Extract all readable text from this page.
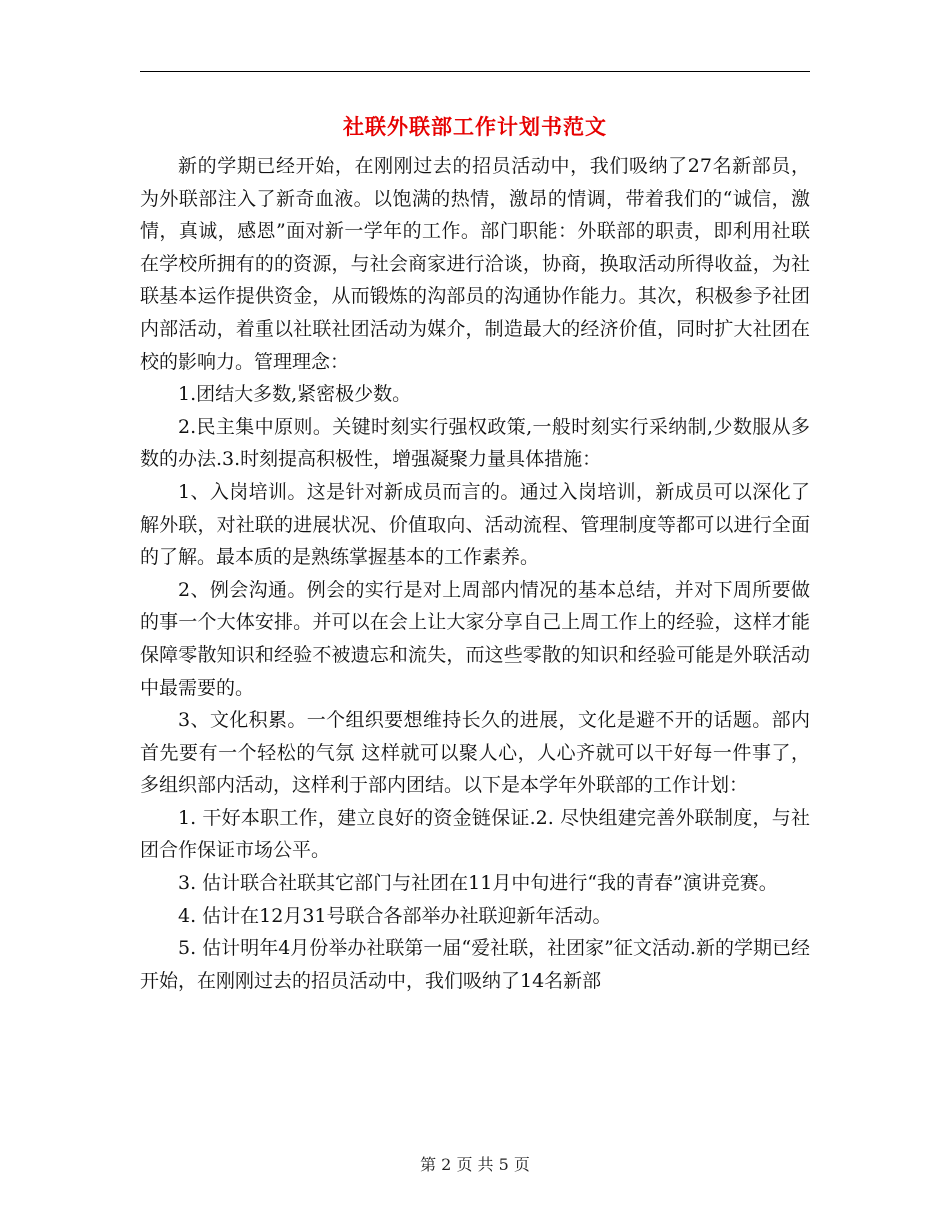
社联外联部工作计划书范文

新的学期已经开始，在刚刚过去的招员活动中，我们吸纳了27名新部员，为外联部注入了新奇血液。以饱满的热情，激昂的情调，带着我们的“诚信，激情，真诚，感恩”面对新一学年的工作。部门职能：外联部的职责，即利用社联在学校所拥有的的资源，与社会商家进行洽谈，协商，换取活动所得收益，为社联基本运作提供资金，从而锻炼的沟部员的沟通协作能力。其次，积极参予社团内部活动，着重以社联社团活动为媒介，制造最大的经济价值，同时扩大社团在校的影响力。管理理念：

1.团结大多数,紧密极少数。

2.民主集中原则。关键时刻实行强权政策,一般时刻实行采纳制,少数服从多数的办法.3.时刻提高积极性，增强凝聚力量具体措施：

1、入岗培训。这是针对新成员而言的。通过入岗培训，新成员可以深化了解外联，对社联的进展状况、价值取向、活动流程、管理制度等都可以进行全面的了解。最本质的是熟练掌握基本的工作素养。

2、例会沟通。例会的实行是对上周部内情况的基本总结，并对下周所要做的事一个大体安排。并可以在会上让大家分享自己上周工作上的经验，这样才能保障零散知识和经验不被遗忘和流失，而这些零散的知识和经验可能是外联活动中最需要的。

3、文化积累。一个组织要想维持长久的进展，文化是避不开的话题。部内首先要有一个轻松的气氛 这样就可以聚人心，人心齐就可以干好每一件事了，多组织部内活动，这样利于部内团结。以下是本学年外联部的工作计划：

1. 干好本职工作，建立良好的资金链保证.2. 尽快组建完善外联制度，与社团合作保证市场公平。

3. 估计联合社联其它部门与社团在11月中旬进行“我的青春”演讲竞赛。

4. 估计在12月31号联合各部举办社联迎新年活动。

5. 估计明年4月份举办社联第一届“爱社联，社团家”征文活动.新的学期已经开始，在刚刚过去的招员活动中，我们吸纳了14名新部

第 2 页 共 5 页
